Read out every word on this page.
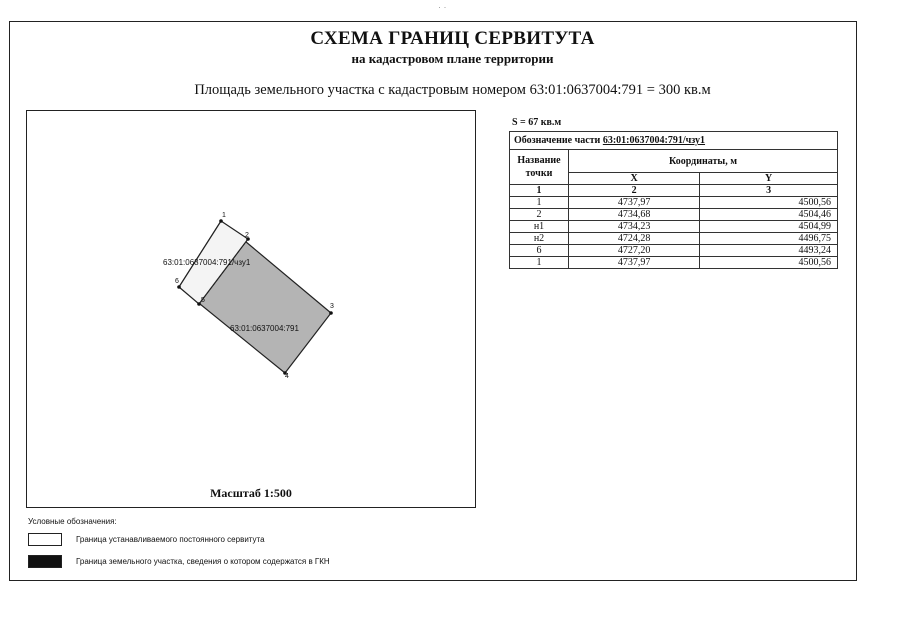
· ·
СХЕМА ГРАНИЦ СЕРВИТУТА
на кадастровом плане территории
Площадь земельного участка с кадастровым номером 63:01:0637004:791 = 300 кв.м
1
2
3
4
5
6
63:01:0637004:791/чзу1
63:01:0637004:791
Масштаб 1:500
S = 67 кв.м
Обозначение части 63:01:0637004:791/чзу1		
Название точки	Координаты, м	
	X	Y
1	2	3
1	4737,97	4500,56
2	4734,68	4504,46
н1	4734,23	4504,99
н2	4724,28	4496,75
6	4727,20	4493,24
1	4737,97	4500,56
Условные обозначения:
Граница устанавливаемого постоянного сервитута
Граница земельного участка, сведения о котором содержатся в ГКН
